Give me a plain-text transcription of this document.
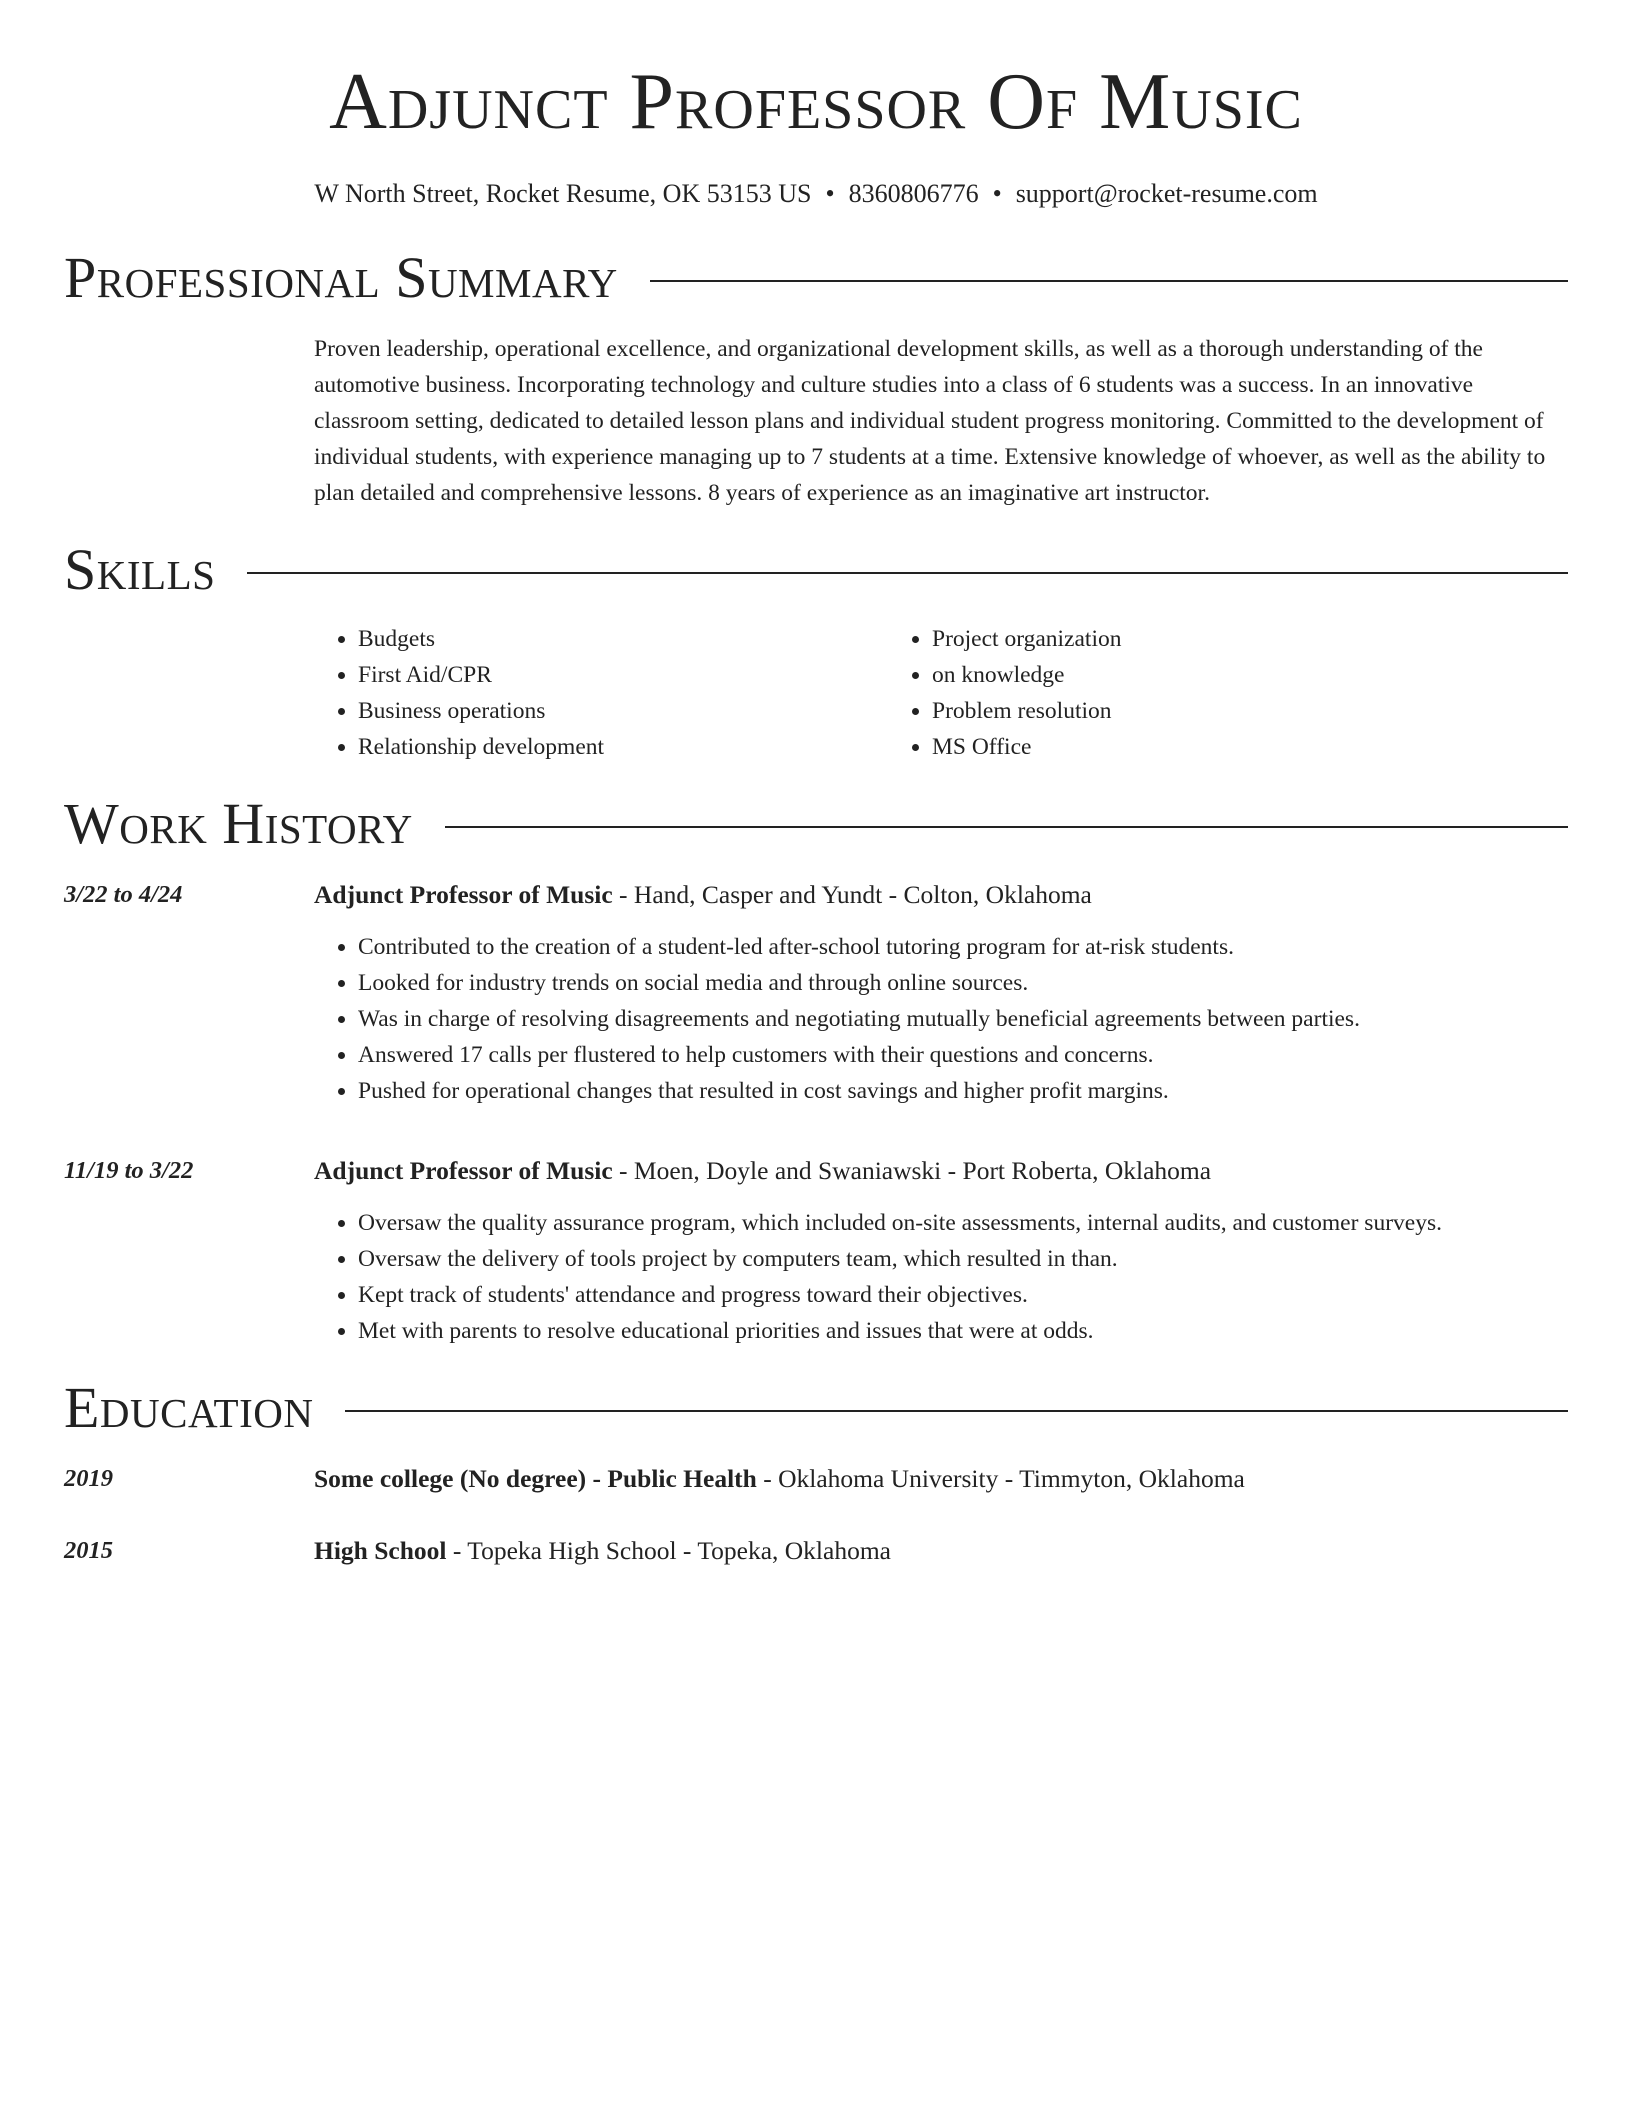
Adjunct Professor Of Music
W North Street, Rocket Resume, OK 53153 US • 8360806776 • support@rocket-resume.com
Professional Summary

Proven leadership, operational excellence, and organizational development skills, as well as a thorough understanding of the automotive business. Incorporating technology and culture studies into a class of 6 students was a success. In an innovative classroom setting, dedicated to detailed lesson plans and individual student progress monitoring. Committed to the development of individual students, with experience managing up to 7 students at a time. Extensive knowledge of whoever, as well as the ability to plan detailed and comprehensive lessons. 8 years of experience as an imaginative art instructor.

Skills
• Budgets
• First Aid/CPR
• Business operations
• Relationship development
• Project organization
• on knowledge
• Problem resolution
• MS Office
Work History
3/22 to 4/24	Adjunct Professor of Music - Hand, Casper and Yundt - Colton, Oklahoma
• Contributed to the creation of a student-led after-school tutoring program for at-risk students.
• Looked for industry trends on social media and through online sources.
• Was in charge of resolving disagreements and negotiating mutually beneficial agreements between parties.
• Answered 17 calls per flustered to help customers with their questions and concerns.
• Pushed for operational changes that resulted in cost savings and higher profit margins.
11/19 to 3/22	Adjunct Professor of Music - Moen, Doyle and Swaniawski - Port Roberta, Oklahoma
• Oversaw the quality assurance program, which included on-site assessments, internal audits, and customer surveys.
• Oversaw the delivery of tools project by computers team, which resulted in than.
• Kept track of students' attendance and progress toward their objectives.
• Met with parents to resolve educational priorities and issues that were at odds.
Education
2019	Some college (No degree) - Public Health - Oklahoma University - Timmyton, Oklahoma
2015	High School - Topeka High School - Topeka, Oklahoma
